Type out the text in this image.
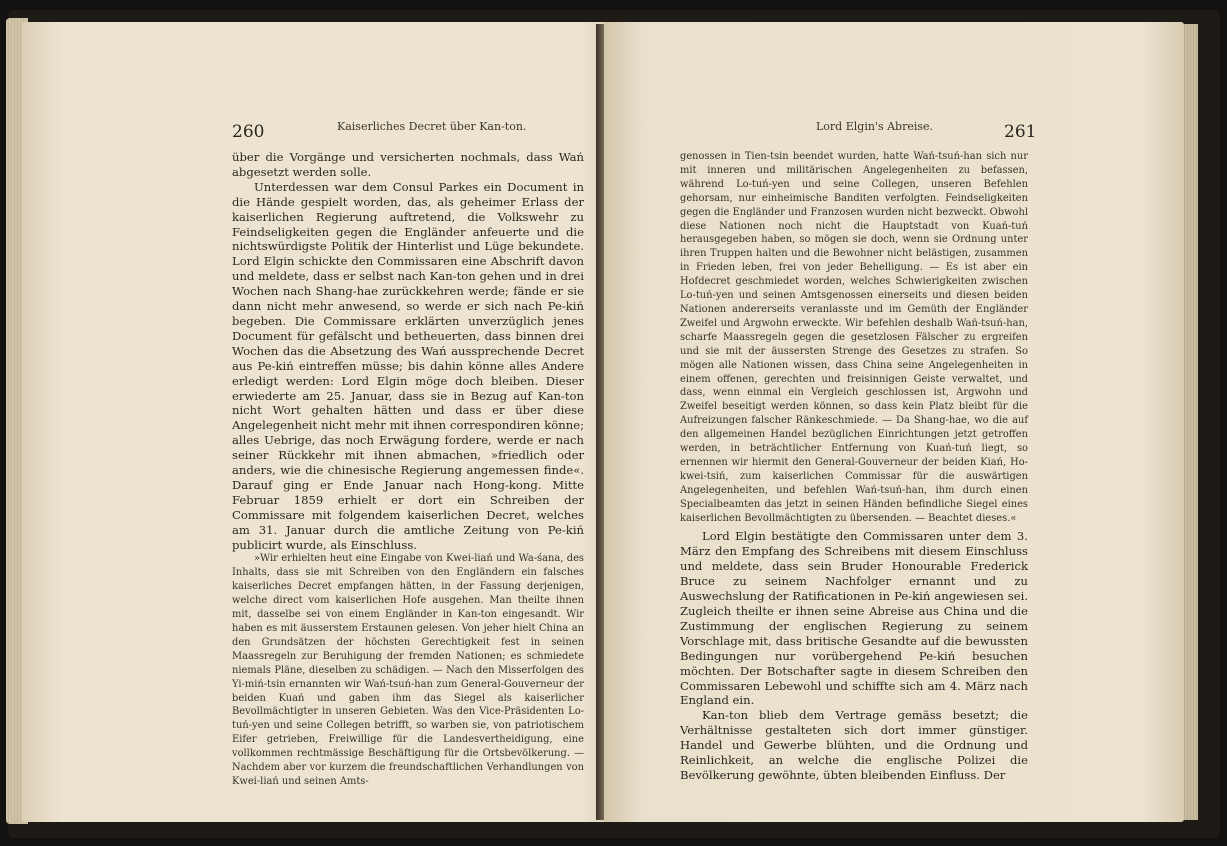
260	Kaiserliches Decret über Kan-ton.

über die Vorgänge und versicherten nochmals, dass Wań abgesetzt werden solle.

Unterdessen war dem Consul Parkes ein Document in die Hände gespielt worden, das, als geheimer Erlass der kaiserlichen Regierung auftretend, die Volkswehr zu Feindseligkeiten gegen die Engländer anfeuerte und die nichtswürdigste Politik der Hinterlist und Lüge bekundete. Lord Elgin schickte den Commissaren eine Abschrift davon und meldete, dass er selbst nach Kan-ton gehen und in drei Wochen nach Shang-hae zurückkehren werde; fände er sie dann nicht mehr anwesend, so werde er sich nach Pe-kiń begeben. Die Commissare erklärten unverzüglich jenes Document für gefälscht und betheuerten, dass binnen drei Wochen das die Absetzung des Wań aussprechende Decret aus Pe-kiń eintreffen müsse; bis dahin könne alles Andere erledigt werden: Lord Elgin möge doch bleiben. Dieser erwiederte am 25. Januar, dass sie in Bezug auf Kan-ton nicht Wort gehalten hätten und dass er über diese Angelegenheit nicht mehr mit ihnen correspondiren könne; alles Uebrige, das noch Erwägung fordere, werde er nach seiner Rückkehr mit ihnen abmachen, »friedlich oder anders, wie die chinesische Regierung angemessen finde«. Darauf ging er Ende Januar nach Hong-kong. Mitte Februar 1859 erhielt er dort ein Schreiben der Commissare mit folgendem kaiserlichen Decret, welches am 31. Januar durch die amtliche Zeitung von Pe-kiń publicirt wurde, als Einschluss.

»Wir erhielten heut eine Eingabe von Kwei-liań und Wa-śana, des Inhalts, dass sie mit Schreiben von den Engländern ein falsches kaiserliches Decret empfangen hätten, in der Fassung derjenigen, welche direct vom kaiserlichen Hofe ausgehen. Man theilte ihnen mit, dasselbe sei von einem Engländer in Kan-ton eingesandt. Wir haben es mit äusserstem Erstaunen gelesen. Von jeher hielt China an den Grundsätzen der höchsten Gerechtigkeit fest in seinen Maassregeln zur Beruhigung der fremden Nationen; es schmiedete niemals Pläne, dieselben zu schädigen. — Nach den Misserfolgen des Yi-miń-tsin ernannten wir Wań-tsuń-han zum General-Gouverneur der beiden Kuań und gaben ihm das Siegel als kaiserlicher Bevollmächtigter in unseren Gebieten. Was den Vice-Präsidenten Lo-tuń-yen und seine Collegen betrifft, so warben sie, von patriotischem Eifer getrieben, Freiwillige für die Landesvertheidigung, eine vollkommen rechtmässige Beschäftigung für die Ortsbevölkerung. — Nachdem aber vor kurzem die freundschaftlichen Verhandlungen von Kwei-liań und seinen Amts-

Lord Elgin's Abreise.	261

genossen in Tien-tsin beendet wurden, hatte Wań-tsuń-han sich nur mit inneren und militärischen Angelegenheiten zu befassen, während Lo-tuń-yen und seine Collegen, unseren Befehlen gehorsam, nur einheimische Banditen verfolgten. Feindseligkeiten gegen die Engländer und Franzosen wurden nicht bezweckt. Obwohl diese Nationen noch nicht die Hauptstadt von Kuań-tuń herausgegeben haben, so mögen sie doch, wenn sie Ordnung unter ihren Truppen halten und die Bewohner nicht belästigen, zusammen in Frieden leben, frei von jeder Behelligung. — Es ist aber ein Hofdecret geschmiedet worden, welches Schwierigkeiten zwischen Lo-tuń-yen und seinen Amtsgenossen einerseits und diesen beiden Nationen andererseits veranlasste und im Gemüth der Engländer Zweifel und Argwohn erweckte. Wir befehlen deshalb Wań-tsuń-han, scharfe Maassregeln gegen die gesetzlosen Fälscher zu ergreifen und sie mit der äussersten Strenge des Gesetzes zu strafen. So mögen alle Nationen wissen, dass China seine Angelegenheiten in einem offenen, gerechten und freisinnigen Geiste verwaltet, und dass, wenn einmal ein Vergleich geschlossen ist, Argwohn und Zweifel beseitigt werden können, so dass kein Platz bleibt für die Aufreizungen falscher Ränkeschmiede. — Da Shang-hae, wo die auf den allgemeinen Handel bezüglichen Einrichtungen jetzt getroffen werden, in beträchtlicher Entfernung von Kuań-tuń liegt, so ernennen wir hiermit den General-Gouverneur der beiden Kiań, Ho-kwei-tsiń, zum kaiserlichen Commissar für die auswärtigen Angelegenheiten, und befehlen Wań-tsuń-han, ihm durch einen Specialbeamten das jetzt in seinen Händen befindliche Siegel eines kaiserlichen Bevollmächtigten zu übersenden. — Beachtet dieses.«

Lord Elgin bestätigte den Commissaren unter dem 3. März den Empfang des Schreibens mit diesem Einschluss und meldete, dass sein Bruder Honourable Frederick Bruce zu seinem Nachfolger ernannt und zu Auswechslung der Ratificationen in Pe-kiń angewiesen sei. Zugleich theilte er ihnen seine Abreise aus China und die Zustimmung der englischen Regierung zu seinem Vorschlage mit, dass britische Gesandte auf die bewussten Bedingungen nur vorübergehend Pe-kiń besuchen möchten. Der Botschafter sagte in diesem Schreiben den Commissaren Lebewohl und schiffte sich am 4. März nach England ein.

Kan-ton blieb dem Vertrage gemäss besetzt; die Verhältnisse gestalteten sich dort immer günstiger. Handel und Gewerbe blühten, und die Ordnung und Reinlichkeit, an welche die englische Polizei die Bevölkerung gewöhnte, übten bleibenden Einfluss. Der
